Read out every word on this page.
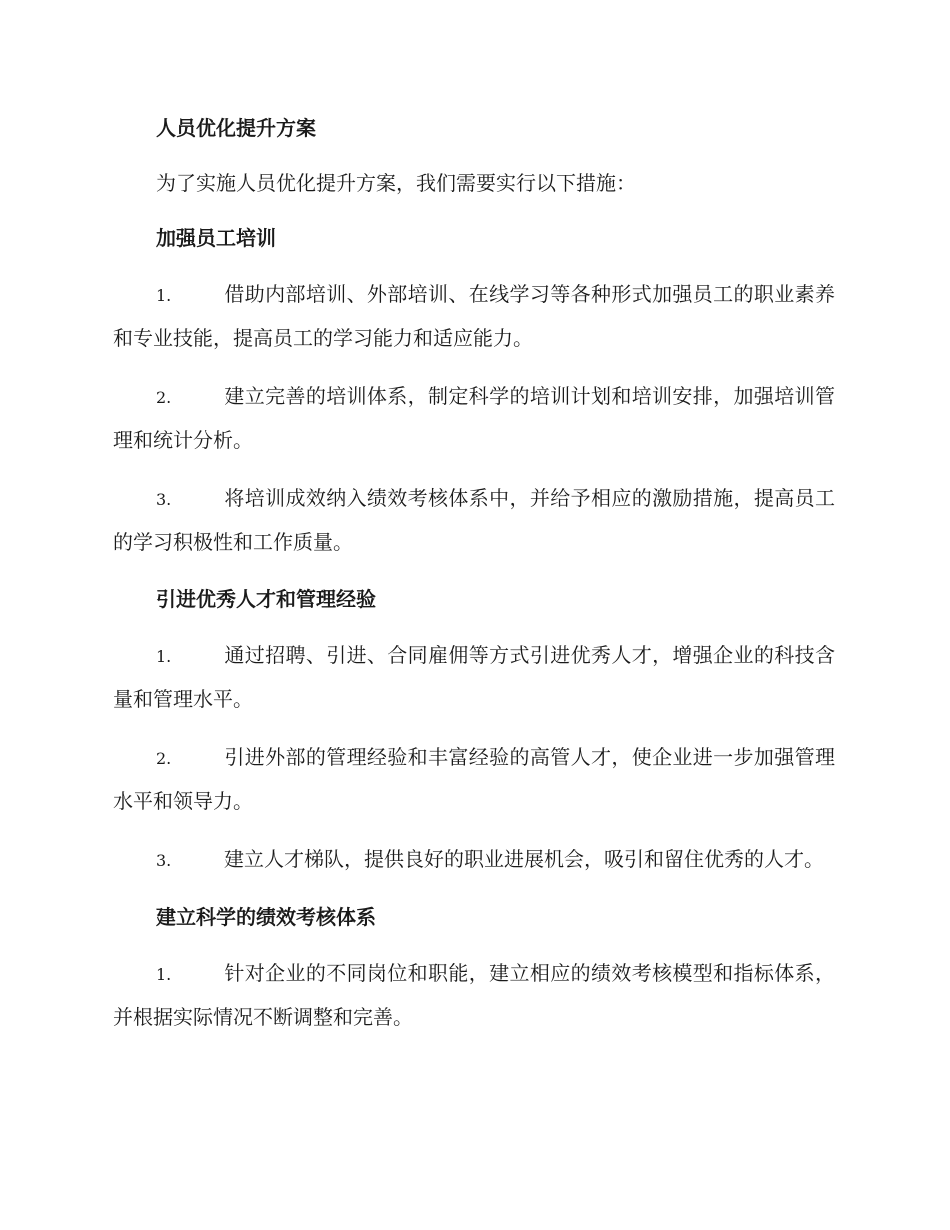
人员优化提升方案
为了实施人员优化提升方案，我们需要实行以下措施：
加强员工培训
1.	借助内部培训、外部培训、在线学习等各种形式加强员工的职业素养和专业技能，提高员工的学习能力和适应能力。
2.	建立完善的培训体系，制定科学的培训计划和培训安排，加强培训管理和统计分析。
3.	将培训成效纳入绩效考核体系中，并给予相应的激励措施，提高员工的学习积极性和工作质量。
引进优秀人才和管理经验
1.	通过招聘、引进、合同雇佣等方式引进优秀人才，增强企业的科技含量和管理水平。
2.	引进外部的管理经验和丰富经验的高管人才，使企业进一步加强管理水平和领导力。
3.	建立人才梯队，提供良好的职业进展机会，吸引和留住优秀的人才。
建立科学的绩效考核体系
1.	针对企业的不同岗位和职能，建立相应的绩效考核模型和指标体系，并根据实际情况不断调整和完善。
